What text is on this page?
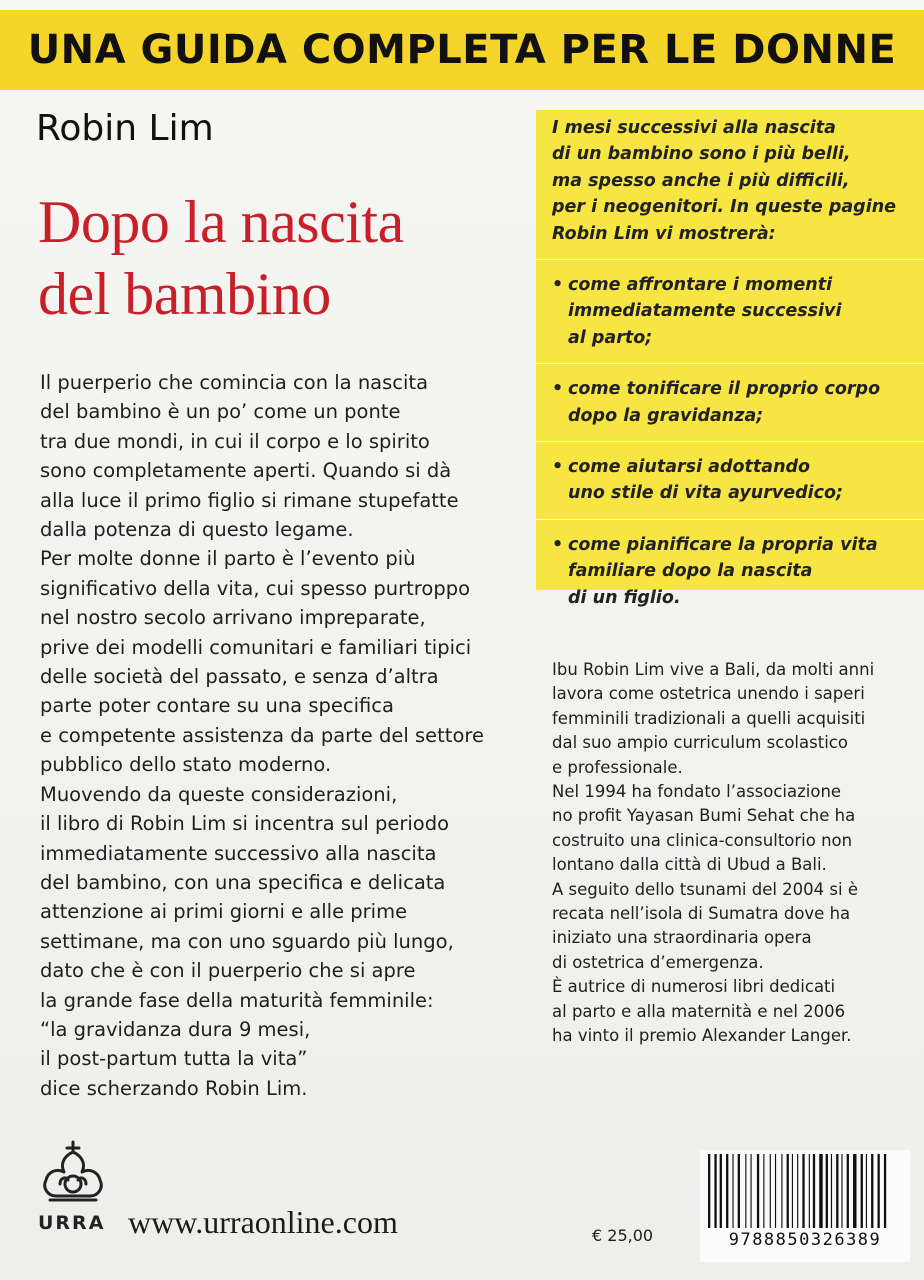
UNA GUIDA COMPLETA PER LE DONNE
Robin Lim
Dopo la nascita
del bambino
Il puerperio che comincia con la nascita
del bambino è un po’ come un ponte
tra due mondi, in cui il corpo e lo spirito
sono completamente aperti. Quando si dà
alla luce il primo figlio si rimane stupefatte
dalla potenza di questo legame.
Per molte donne il parto è l’evento più
significativo della vita, cui spesso purtroppo
nel nostro secolo arrivano impreparate,
prive dei modelli comunitari e familiari tipici
delle società del passato, e senza d’altra
parte poter contare su una specifica
e competente assistenza da parte del settore
pubblico dello stato moderno.
Muovendo da queste considerazioni,
il libro di Robin Lim si incentra sul periodo
immediatamente successivo alla nascita
del bambino, con una specifica e delicata
attenzione ai primi giorni e alle prime
settimane, ma con uno sguardo più lungo,
dato che è con il puerperio che si apre
la grande fase della maturità femminile:
“la gravidanza dura 9 mesi,
il post-partum tutta la vita”
dice scherzando Robin Lim.
I mesi successivi alla nascita
di un bambino sono i più belli,
ma spesso anche i più difficili,
per i neogenitori. In queste pagine
Robin Lim vi mostrerà:
• come affrontare i momenti
immediatamente successivi
al parto;
• come tonificare il proprio corpo
dopo la gravidanza;
• come aiutarsi adottando
uno stile di vita ayurvedico;
• come pianificare la propria vita
familiare dopo la nascita
di un figlio.
Ibu Robin Lim vive a Bali, da molti anni
lavora come ostetrica unendo i saperi
femminili tradizionali a quelli acquisiti
dal suo ampio curriculum scolastico
e professionale.
Nel 1994 ha fondato l’associazione
no profit Yayasan Bumi Sehat che ha
costruito una clinica-consultorio non
lontano dalla città di Ubud a Bali.
A seguito dello tsunami del 2004 si è
recata nell’isola di Sumatra dove ha
iniziato una straordinaria opera
di ostetrica d’emergenza.
È autrice di numerosi libri dedicati
al parto e alla maternità e nel 2006
ha vinto il premio Alexander Langer.
URRA www.urraonline.com	€ 25,00	9788850326389
